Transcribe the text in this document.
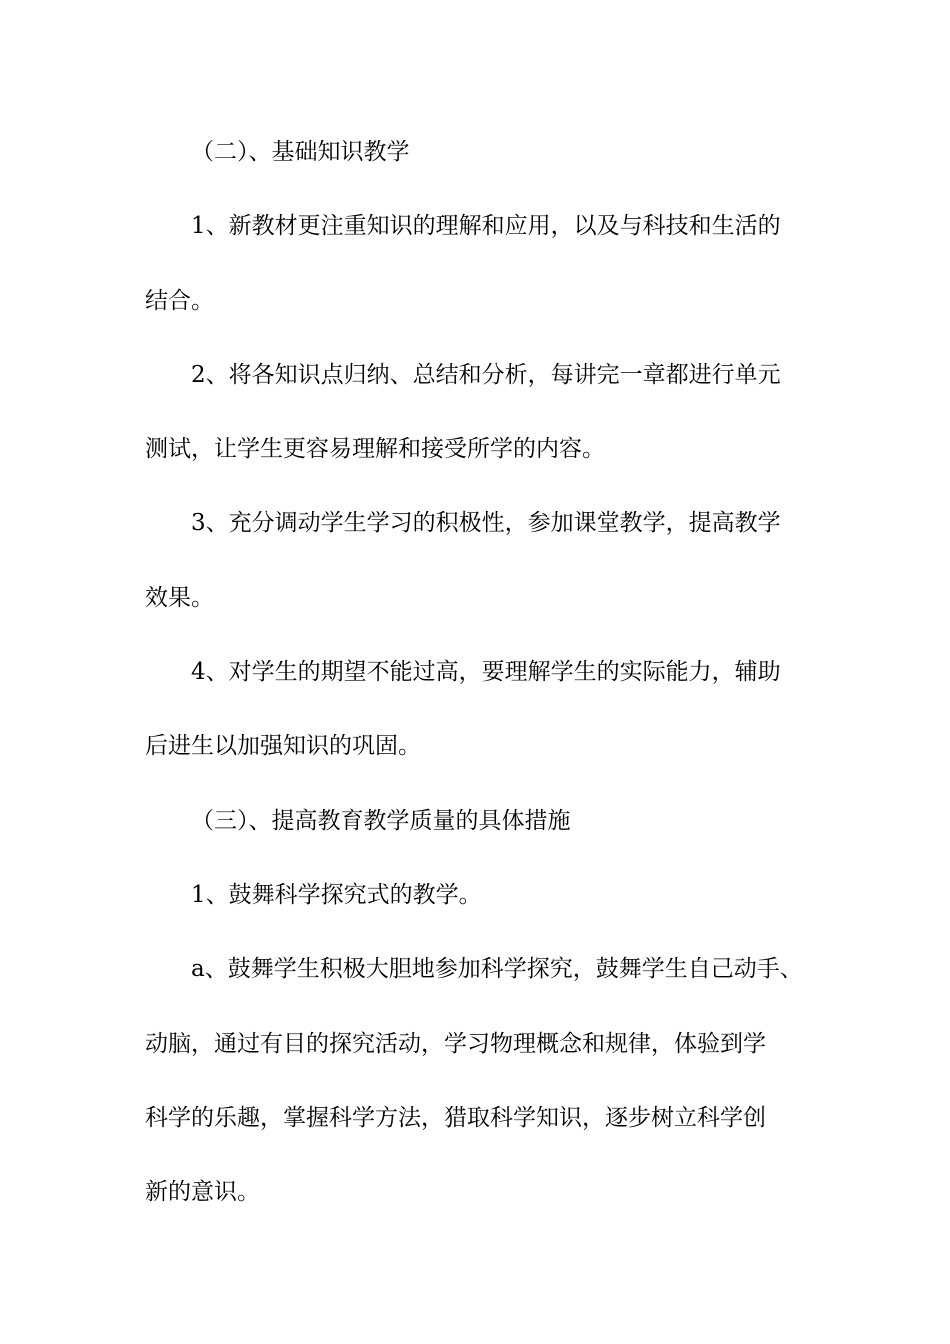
（二）、基础知识教学
1、新教材更注重知识的理解和应用，以及与科技和生活的
结合。
2、将各知识点归纳、总结和分析，每讲完一章都进行单元
测试，让学生更容易理解和接受所学的内容。
3、充分调动学生学习的积极性，参加课堂教学，提高教学
效果。
4、对学生的期望不能过高，要理解学生的实际能力，辅助
后进生以加强知识的巩固。
（三）、提高教育教学质量的具体措施
1、鼓舞科学探究式的教学。
a、鼓舞学生积极大胆地参加科学探究，鼓舞学生自己动手、
动脑，通过有目的探究活动，学习物理概念和规律，体验到学
科学的乐趣，掌握科学方法，猎取科学知识，逐步树立科学创
新的意识。
